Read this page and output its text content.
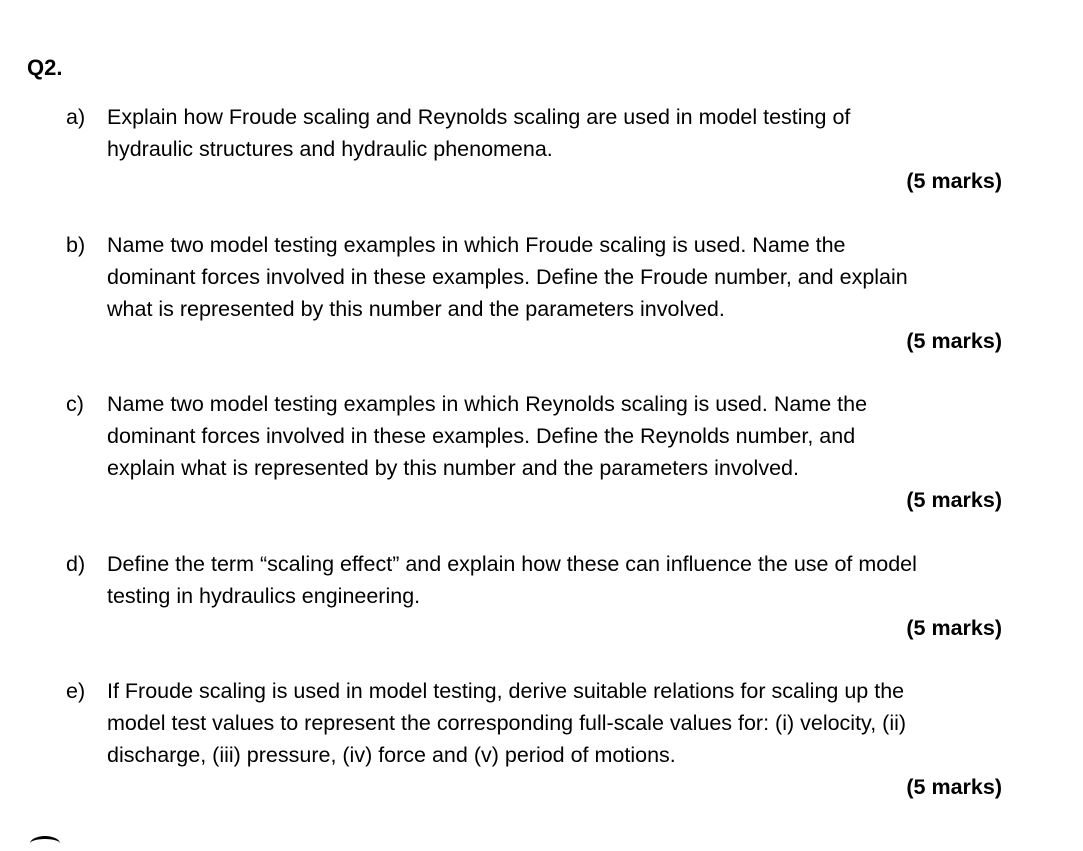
Q2.
a) Explain how Froude scaling and Reynolds scaling are used in model testing of
hydraulic structures and hydraulic phenomena.
(5 marks)
b) Name two model testing examples in which Froude scaling is used. Name the
dominant forces involved in these examples. Define the Froude number, and explain
what is represented by this number and the parameters involved.
(5 marks)
c) Name two model testing examples in which Reynolds scaling is used. Name the
dominant forces involved in these examples. Define the Reynolds number, and
explain what is represented by this number and the parameters involved.
(5 marks)
d) Define the term “scaling effect” and explain how these can influence the use of model
testing in hydraulics engineering.
(5 marks)
e) If Froude scaling is used in model testing, derive suitable relations for scaling up the
model test values to represent the corresponding full-scale values for: (i) velocity, (ii)
discharge, (iii) pressure, (iv) force and (v) period of motions.
(5 marks)
